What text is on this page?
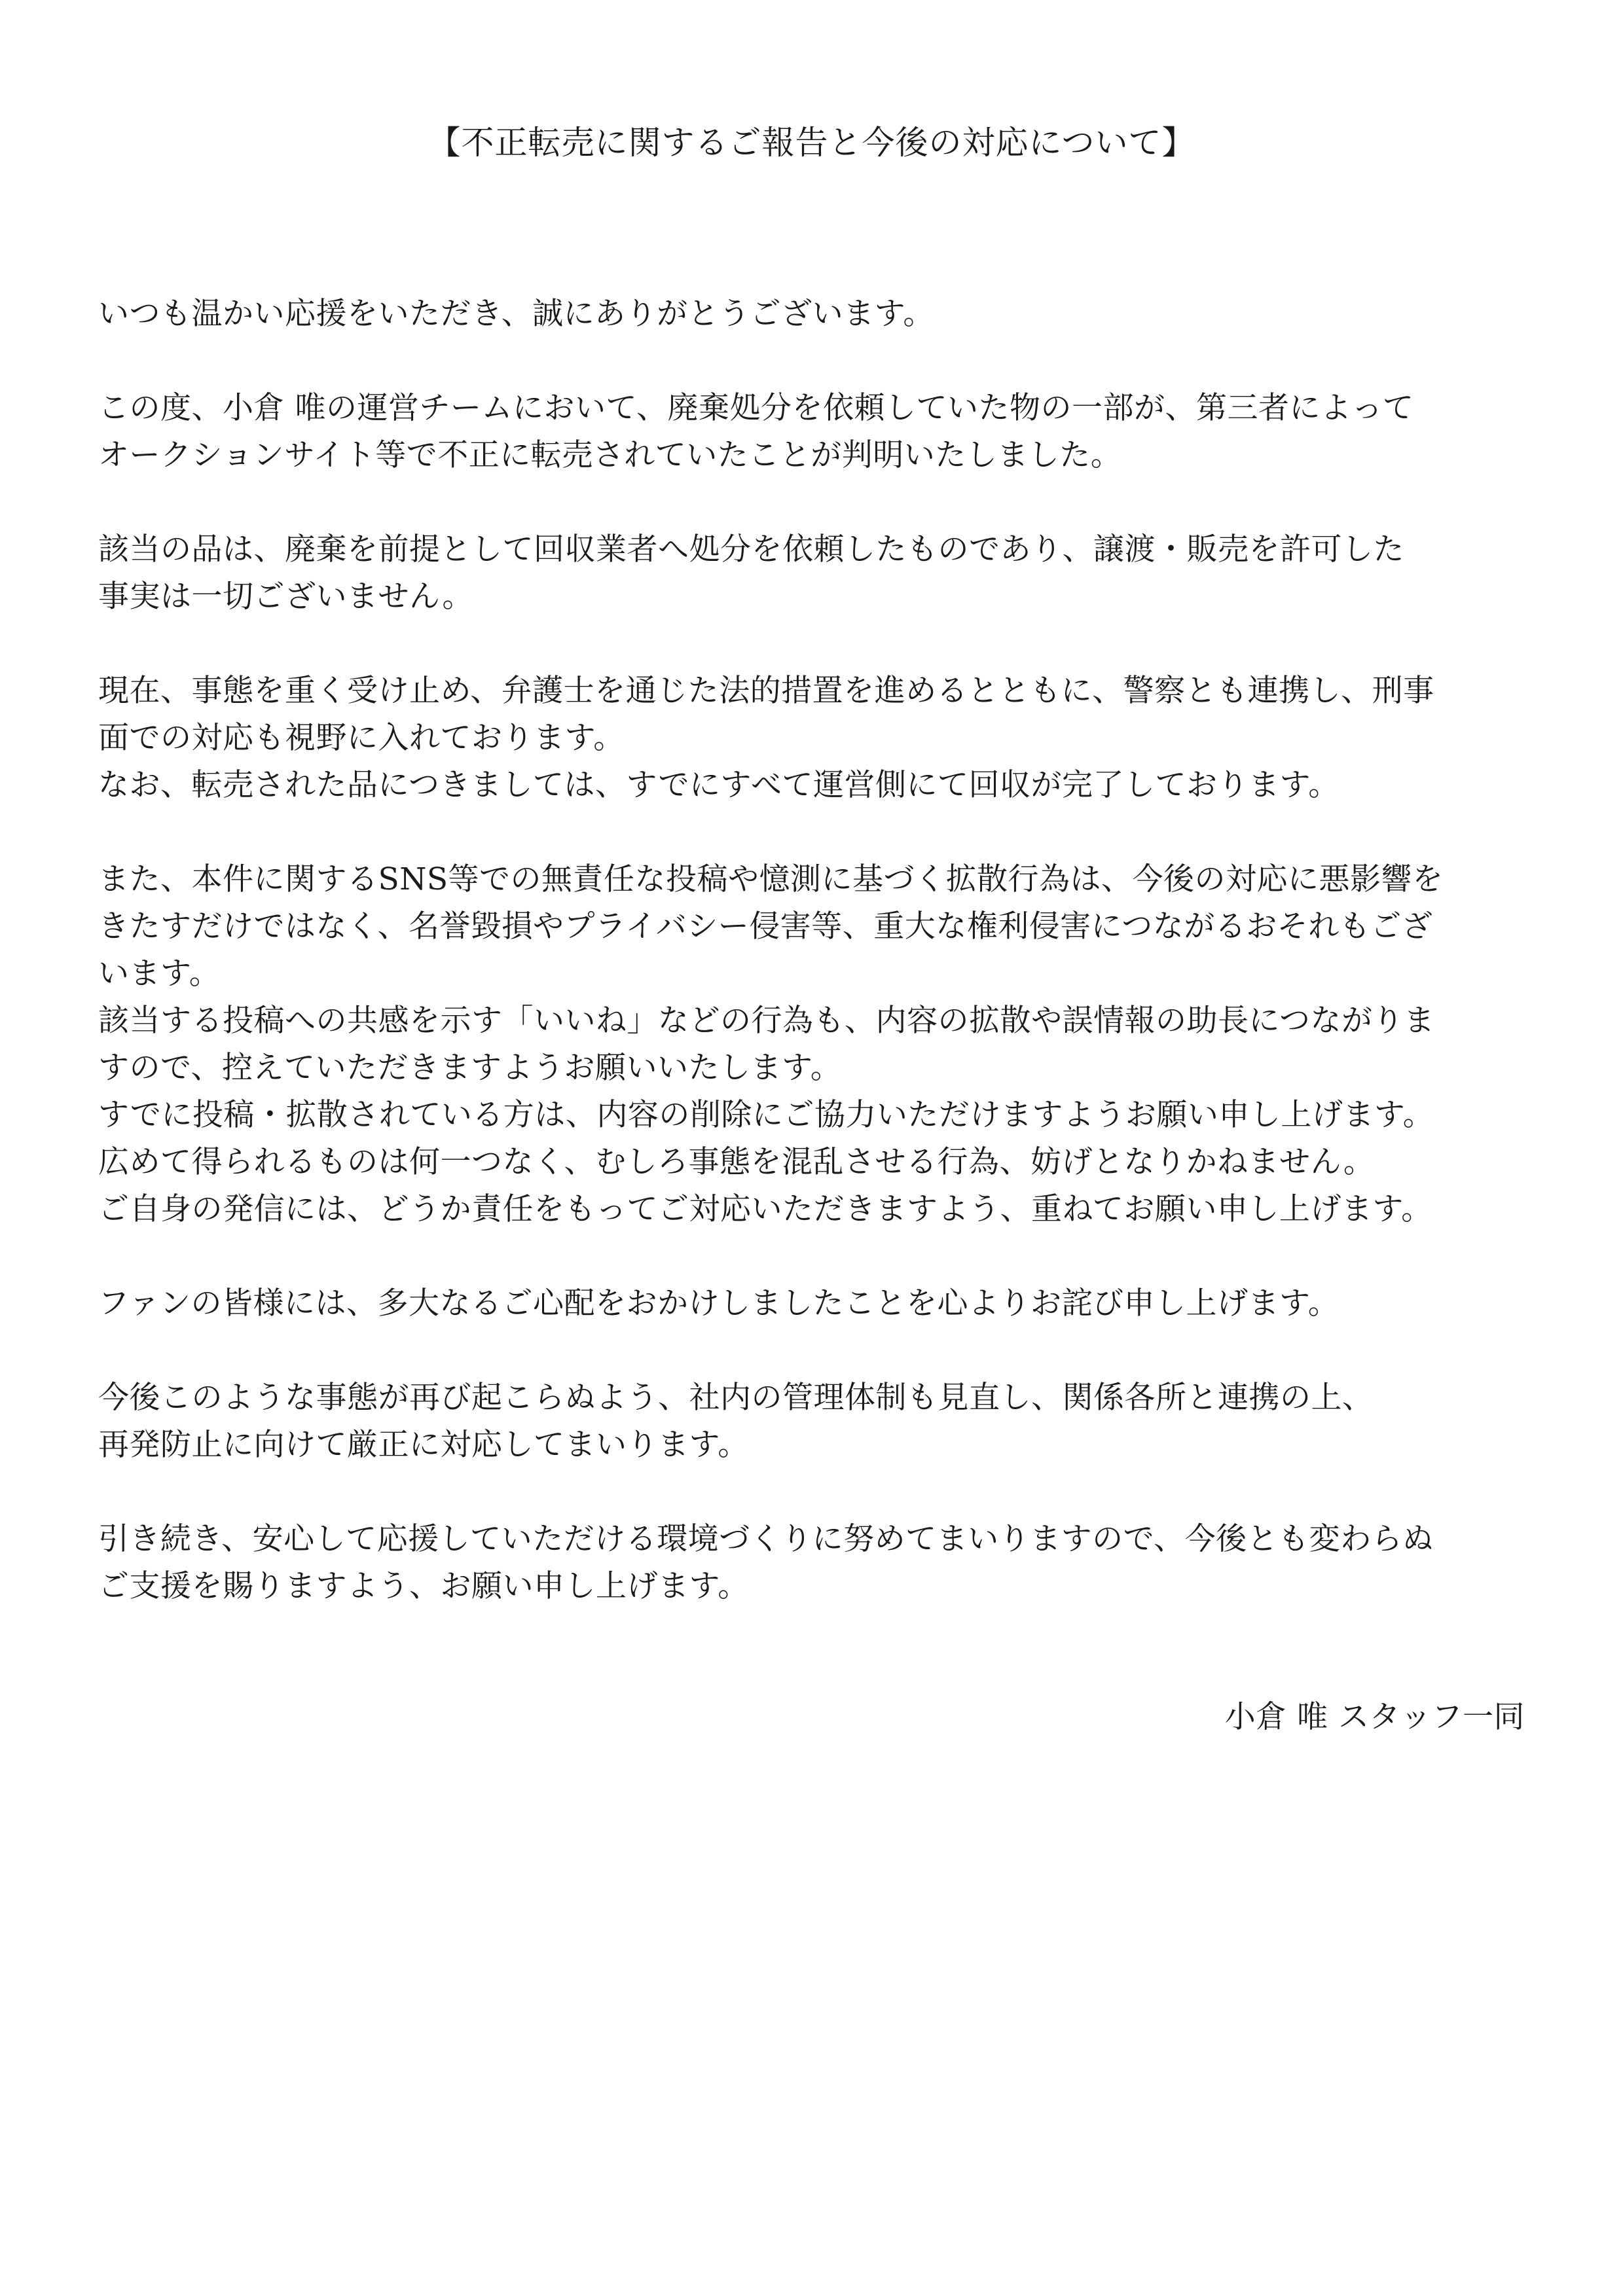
【不正転売に関するご報告と今後の対応について】
いつも温かい応援をいただき、誠にありがとうございます。
この度、小倉 唯の運営チームにおいて、廃棄処分を依頼していた物の一部が、第三者によって
オークションサイト等で不正に転売されていたことが判明いたしました。
該当の品は、廃棄を前提として回収業者へ処分を依頼したものであり、譲渡・販売を許可した
事実は一切ございません。
現在、事態を重く受け止め、弁護士を通じた法的措置を進めるとともに、警察とも連携し、刑事
面での対応も視野に入れております。
なお、転売された品につきましては、すでにすべて運営側にて回収が完了しております。
また、本件に関するSNS等での無責任な投稿や憶測に基づく拡散行為は、今後の対応に悪影響を
きたすだけではなく、名誉毀損やプライバシー侵害等、重大な権利侵害につながるおそれもござ
います。
該当する投稿への共感を示す「いいね」などの行為も、内容の拡散や誤情報の助長につながりま
すので、控えていただきますようお願いいたします。
すでに投稿・拡散されている方は、内容の削除にご協力いただけますようお願い申し上げます。
広めて得られるものは何一つなく、むしろ事態を混乱させる行為、妨げとなりかねません。
ご自身の発信には、どうか責任をもってご対応いただきますよう、重ねてお願い申し上げます。
ファンの皆様には、多大なるご心配をおかけしましたことを心よりお詫び申し上げます。
今後このような事態が再び起こらぬよう、社内の管理体制も見直し、関係各所と連携の上、
再発防止に向けて厳正に対応してまいります。
引き続き、安心して応援していただける環境づくりに努めてまいりますので、今後とも変わらぬ
ご支援を賜りますよう、お願い申し上げます。
小倉 唯 スタッフ一同
